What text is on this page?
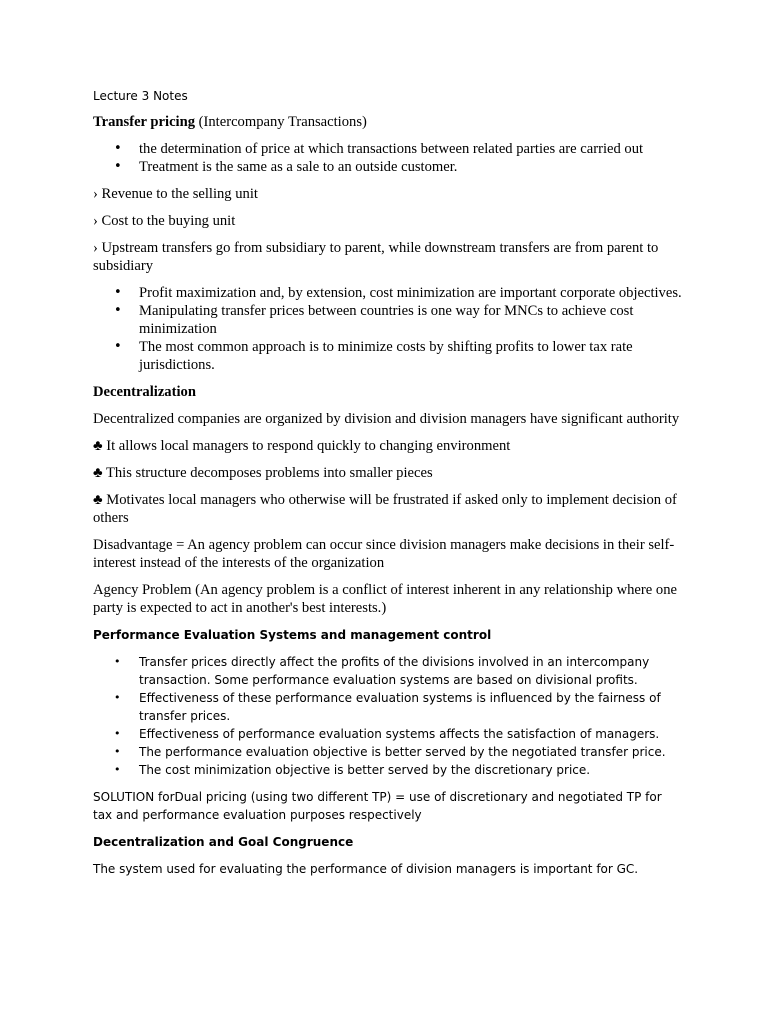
Lecture 3 Notes

Transfer pricing (Intercompany Transactions)

• the determination of price at which transactions between related parties are carried out
• Treatment is the same as a sale to an outside customer.

› Revenue to the selling unit

› Cost to the buying unit

› Upstream transfers go from subsidiary to parent, while downstream transfers are from parent to subsidiary

• Profit maximization and, by extension, cost minimization are important corporate objectives.
• Manipulating transfer prices between countries is one way for MNCs to achieve cost minimization
• The most common approach is to minimize costs by shifting profits to lower tax rate jurisdictions.

Decentralization

Decentralized companies are organized by division and division managers have significant authority

♣ It allows local managers to respond quickly to changing environment

♣ This structure decomposes problems into smaller pieces

♣ Motivates local managers who otherwise will be frustrated if asked only to implement decision of others

Disadvantage = An agency problem can occur since division managers make decisions in their self-interest instead of the interests of the organization

Agency Problem (An agency problem is a conflict of interest inherent in any relationship where one party is expected to act in another's best interests.)

Performance Evaluation Systems and management control

• Transfer prices directly affect the profits of the divisions involved in an intercompany transaction. Some performance evaluation systems are based on divisional profits.
• Effectiveness of these performance evaluation systems is influenced by the fairness of transfer prices.
• Effectiveness of performance evaluation systems affects the satisfaction of managers.
• The performance evaluation objective is better served by the negotiated transfer price.
• The cost minimization objective is better served by the discretionary price.

SOLUTION forDual pricing (using two different TP) = use of discretionary and negotiated TP for tax and performance evaluation purposes respectively

Decentralization and Goal Congruence

The system used for evaluating the performance of division managers is important for GC.
